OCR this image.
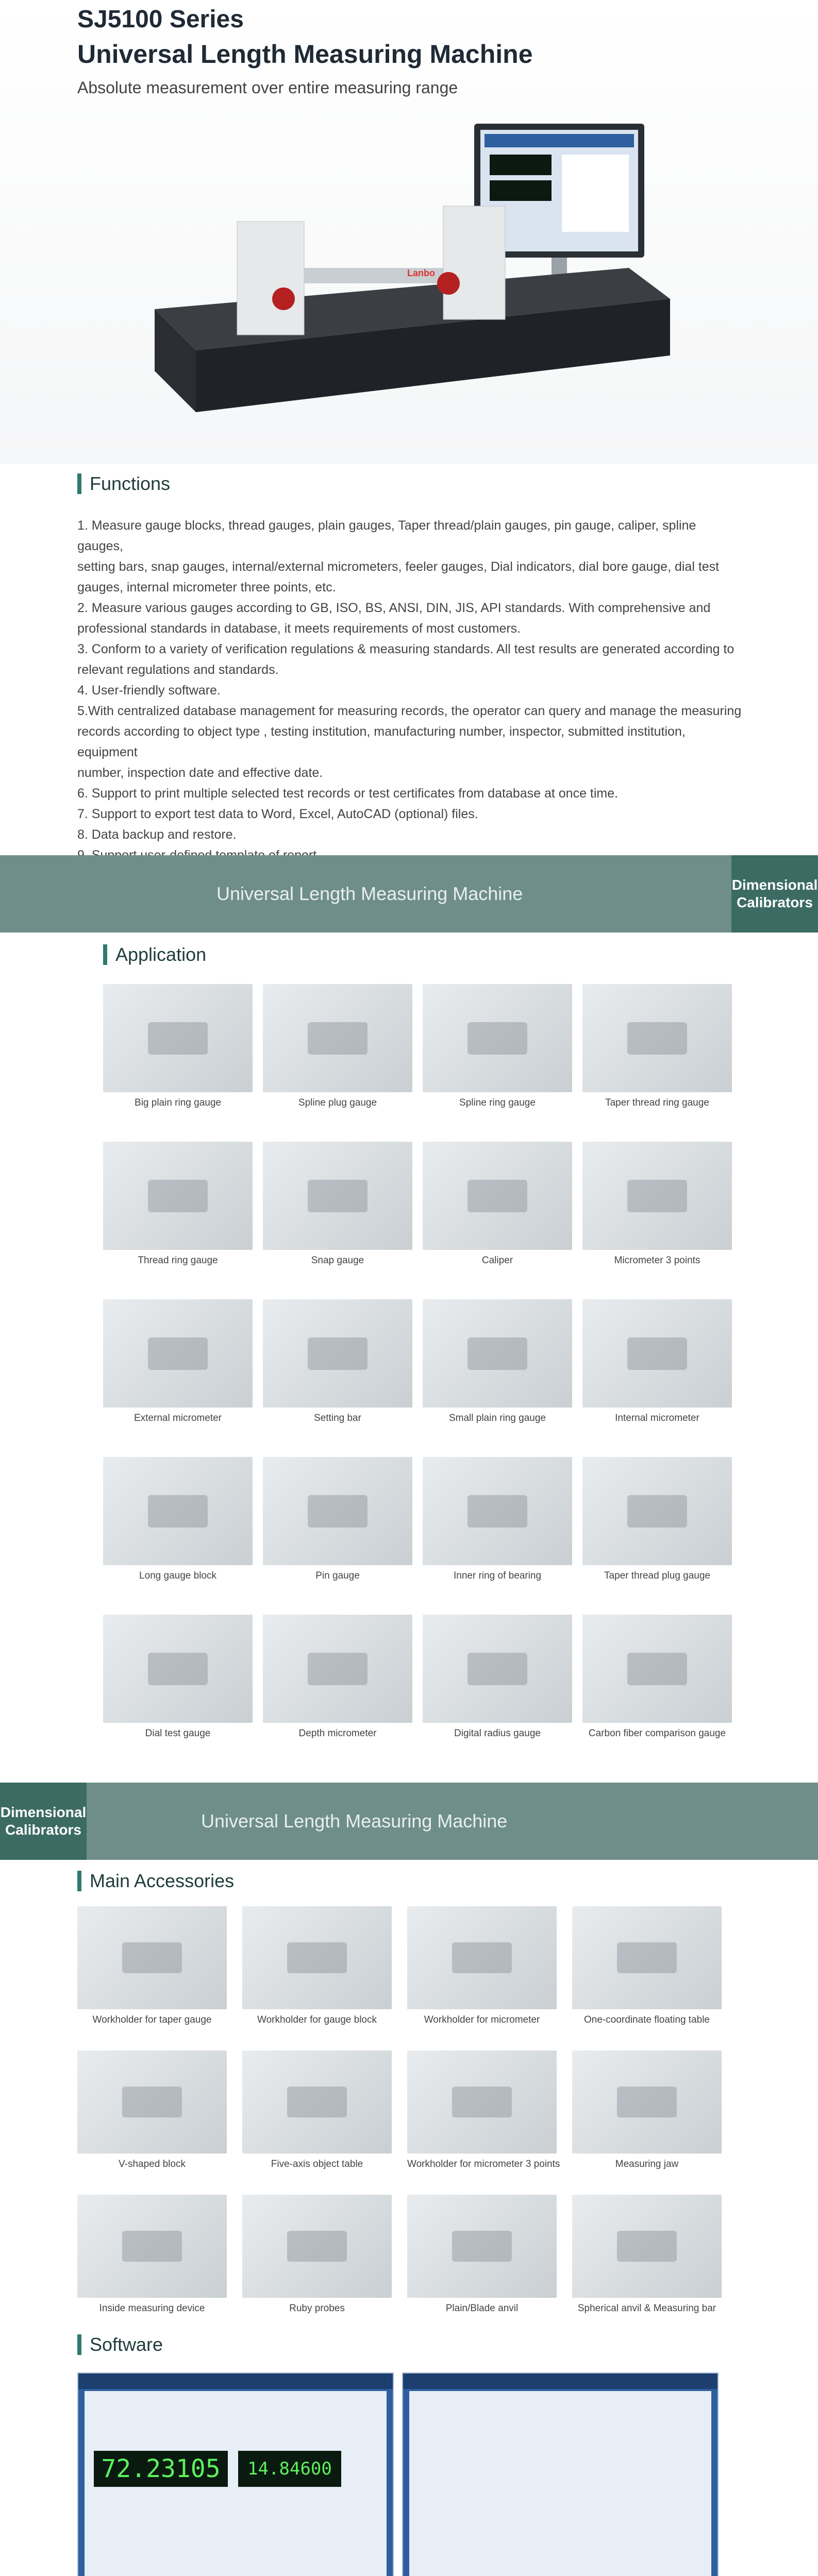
SJ5100 Series
Universal Length Measuring Machine
Absolute measurement over entire measuring range
Lanbo
Functions

1. Measure gauge blocks, thread gauges, plain gauges, Taper thread/plain gauges, pin gauge, caliper, spline gauges,

setting bars, snap gauges, internal/external micrometers, feeler gauges, Dial indicators, dial bore gauge, dial test

gauges, internal micrometer three points, etc.

2. Measure various gauges according to GB, ISO, BS, ANSI, DIN, JIS, API standards. With comprehensive and

professional standards in database, it meets requirements of most customers.

3. Conform to a variety of verification regulations & measuring standards. All test results are generated according to

relevant regulations and standards.

4. User-friendly software.

5.With centralized database management for measuring records, the operator can query and manage the measuring

records according to object type , testing institution, manufacturing number, inspector, submitted institution, equipment

number, inspection date and effective date.

6. Support to print multiple selected test records or test certificates from database at once time.

7. Support to export test data to Word, Excel, AutoCAD (optional) files.

8. Data backup and restore.

Universal Length Measuring Machine	Dimensional Calibrators
Application
Big plain ring gauge	Spline plug gauge	Spline ring gauge	Taper thread ring gauge
Thread ring gauge	Snap gauge	Caliper	Micrometer 3 points
External micrometer	Setting bar	Small plain ring gauge	Internal micrometer
Long gauge block	Pin gauge	Inner ring of bearing	Taper thread plug gauge
Dial test gauge	Depth micrometer	Digital radius gauge	Carbon fiber comparison gauge
Dimensional Calibrators	Universal Length Measuring Machine
Main Accessories
Workholder for taper gauge	Workholder for gauge block	Workholder for micrometer	One-coordinate floating table
V-shaped block	Five-axis object table	Workholder for micrometer 3 points	Measuring jaw
Inside measuring device	Ruby probes	Plain/Blade anvil	Spherical anvil & Measuring bar
Software
72.23105	14.84600
